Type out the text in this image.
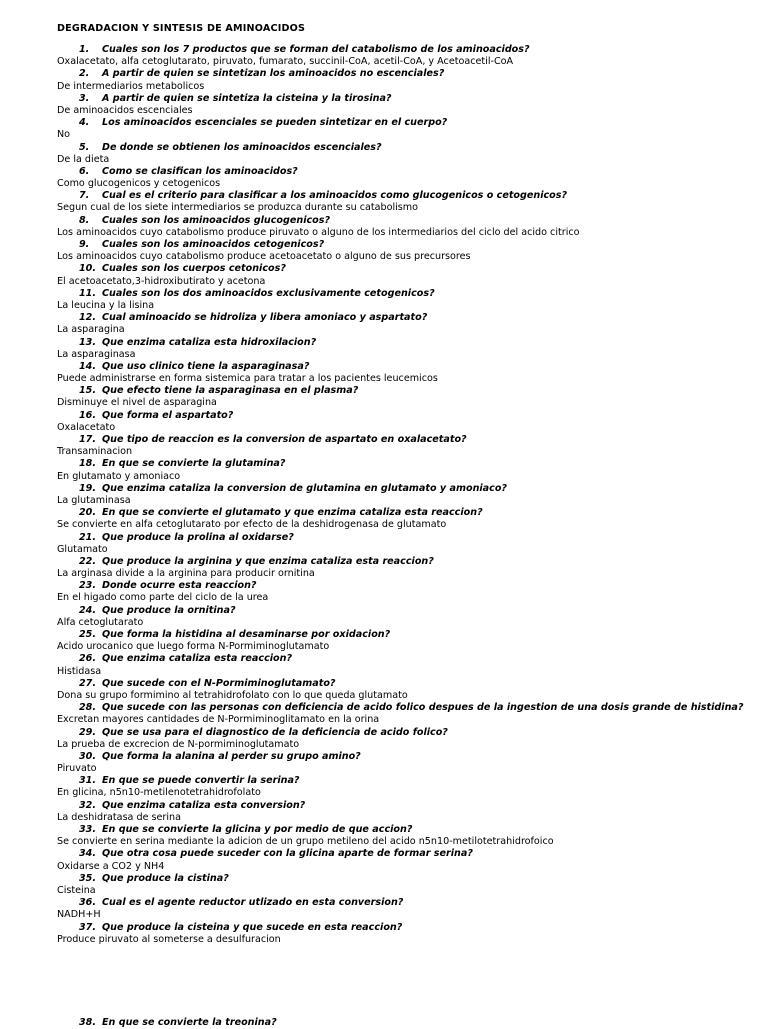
DEGRADACION Y SINTESIS DE AMINOACIDOS
1. Cuales son los 7 productos que se forman del catabolismo de los aminoacidos?
Oxalacetato, alfa cetoglutarato, piruvato, fumarato, succinil-CoA, acetil-CoA, y Acetoacetil-CoA
2. A partir de quien se sintetizan los aminoacidos no escenciales?
De intermediarios metabolicos
3. A partir de quien se sintetiza la cisteina y la tirosina?
De aminoacidos escenciales
4. Los aminoacidos escenciales se pueden sintetizar en el cuerpo?
No
5. De donde se obtienen los aminoacidos escenciales?
De la dieta
6. Como se clasifican los aminoacidos?
Como glucogenicos y cetogenicos
7. Cual es el criterio para clasificar a los aminoacidos como glucogenicos o cetogenicos?
Segun cual de los siete intermediarios se produzca durante su catabolismo
8. Cuales son los aminoacidos glucogenicos?
Los aminoacidos cuyo catabolismo produce piruvato o alguno de los intermediarios del ciclo del acido citrico
9. Cuales son los aminoacidos cetogenicos?
Los aminoacidos cuyo catabolismo produce acetoacetato o alguno de sus precursores
10. Cuales son los cuerpos cetonicos?
El acetoacetato,3-hidroxibutirato y acetona
11. Cuales son los dos aminoacidos exclusivamente cetogenicos?
La leucina y la lisina
12. Cual aminoacido se hidroliza y libera amoniaco y aspartato?
La asparagina
13. Que enzima cataliza esta hidroxilacion?
La asparaginasa
14. Que uso clinico tiene la asparaginasa?
Puede administrarse en forma sistemica para tratar a los pacientes leucemicos
15. Que efecto tiene la asparaginasa en el plasma?
Disminuye el nivel de asparagina
16. Que forma el aspartato?
Oxalacetato
17. Que tipo de reaccion es la conversion de aspartato en oxalacetato?
Transaminacion
18. En que se convierte la glutamina?
En glutamato y amoniaco
19. Que enzima cataliza la conversion de glutamina en glutamato y amoniaco?
La glutaminasa
20. En que se convierte el glutamato y que enzima cataliza esta reaccion?
Se convierte en alfa cetoglutarato por efecto de la deshidrogenasa de glutamato
21. Que produce la prolina al oxidarse?
Glutamato
22. Que produce la arginina y que enzima cataliza esta reaccion?
La arginasa divide a la arginina para producir ornitina
23. Donde ocurre esta reaccion?
En el higado como parte del ciclo de la urea
24. Que produce la ornitina?
Alfa cetoglutarato
25. Que forma la histidina al desaminarse por oxidacion?
Acido urocanico que luego forma N-Pormiminoglutamato
26. Que enzima cataliza esta reaccion?
Histidasa
27. Que sucede con el N-Pormiminoglutamato?
Dona su grupo formimino al tetrahidrofolato con lo que queda glutamato
28. Que sucede con las personas con deficiencia de acido folico despues de la ingestion de una dosis grande de histidina?
Excretan mayores cantidades de N-Pormiminoglitamato en la orina
29. Que se usa para el diagnostico de la deficiencia de acido folico?
La prueba de excrecion de N-pormiminoglutamato
30. Que forma la alanina al perder su grupo amino?
Piruvato
31. En que se puede convertir la serina?
En glicina, n5n10-metilenotetrahidrofolato
32. Que enzima cataliza esta conversion?
La deshidratasa de serina
33. En que se convierte la glicina y por medio de que accion?
Se convierte en serina mediante la adicion de un grupo metileno del acido n5n10-metilotetrahidrofoico
34. Que otra cosa puede suceder con la glicina aparte de formar serina?
Oxidarse a CO2 y NH4
35. Que produce la cistina?
Cisteina
36. Cual es el agente reductor utlizado en esta conversion?
NADH+H
37. Que produce la cisteina y que sucede en esta reaccion?
Produce piruvato al someterse a desulfuracion
38. En que se convierte la treonina?
